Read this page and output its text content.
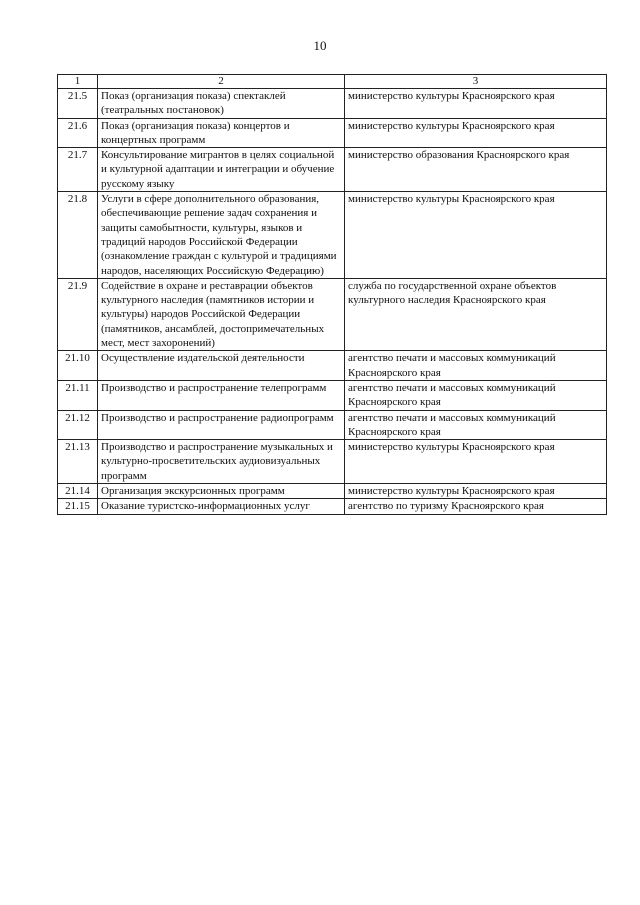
10
1	2	3
21.5	Показ (организация показа) спектаклей (театральных постановок)	министерство культуры Красноярского края
21.6	Показ (организация показа) концертов и концертных программ	министерство культуры Красноярского края
21.7	Консультирование мигрантов в целях социальной и культурной адаптации и интеграции и обучение русскому языку	министерство образования Красноярского края
21.8	Услуги в сфере дополнительного образования, обеспечивающие решение задач сохранения и защиты самобытности, культуры, языков и традиций народов Российской Федерации (ознакомление граждан с культурой и традициями народов, населяющих Российскую Федерацию)	министерство культуры Красноярского края
21.9	Содействие в охране и реставрации объектов культурного наследия (памятников истории и культуры) народов Российской Федерации (памятников, ансамблей, достопримечательных мест, мест захоронений)	служба по государственной охране объектов культурного наследия Красноярского края
21.10	Осуществление издательской деятельности	агентство печати и массовых коммуникаций Красноярского края
21.11	Производство и распространение телепрограмм	агентство печати и массовых коммуникаций Красноярского края
21.12	Производство и распространение радиопрограмм	агентство печати и массовых коммуникаций Красноярского края
21.13	Производство и распространение музыкальных и культурно-просветительских аудиовизуальных программ	министерство культуры Красноярского края
21.14	Организация экскурсионных программ	министерство культуры Красноярского края
21.15	Оказание туристско-информационных услуг	агентство по туризму Красноярского края
